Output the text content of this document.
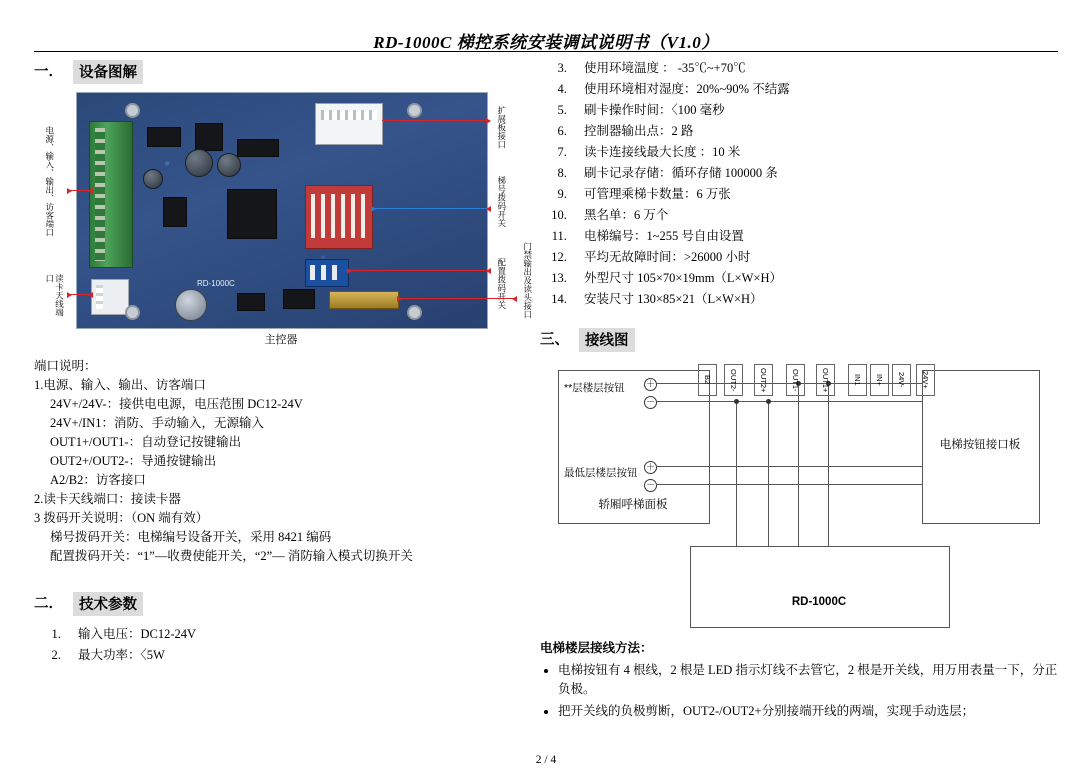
RD-1000C 梯控系统安装调试说明书（V1.0）
一．	设备图解
RD-1000C
电源、输入、输出、访客端口
读卡天线端口
扩展板接口
梯号拨码开关
配置拨码开关 门禁输出及读头接口
主控器

端口说明：

1.电源、输入、输出、访客端口

24V+/24V-：接供电电源，电压范围 DC12-24V

24V+/IN1：消防、手动输入，无源输入

OUT1+/OUT1-：自动登记按键输出

OUT2+/OUT2-：导通按键输出

A2/B2：访客接口

2.读卡天线端口：接读卡器

3 拨码开关说明：（ON 端有效）

梯号拨码开关：电梯编号设备开关，采用 8421 编码

配置拨码开关：“1”—收费使能开关，“2”— 消防输入模式切换开关

二．	技术参数
1. 输入电压：DC12-24V
2. 最大功率：〈5W
3. 使用环境温度 ： -35℃~+70℃
4. 使用环境相对湿度：20%~90% 不结露
5. 刷卡操作时间：〈100 毫秒
6. 控制器输出点：2 路
7. 读卡连接线最大长度 ：10 米
8. 刷卡记录存储：循环存储 100000 条
9. 可管理乘梯卡数量：6 万张
10. 黑名单：6 万个
11. 电梯编号：1~255 号自由设置
12. 平均无故障时间：>26000 小时
13. 外型尺寸 105×70×19mm（L×W×H）
14. 安装尺寸 130×85×21（L×W×H）
三、	接线图
轿厢呼梯面板
**层楼层按钮
最低层楼层按钮
＋
－
＋
－
电梯按钮接口板
RD-1000C
B2	OUT2-	OUT2+	OUT1-	OUT1+	IN1	IN+	24V-	24V+
电梯楼层接线方法：
• 电梯按钮有 4 根线，2 根是 LED 指示灯线不去管它，2 根是开关线，用万用表量一下，分正负极。
• 把开关线的负极剪断，OUT2-/OUT2+分别接端开线的两端，实现手动选层；
2 / 4
